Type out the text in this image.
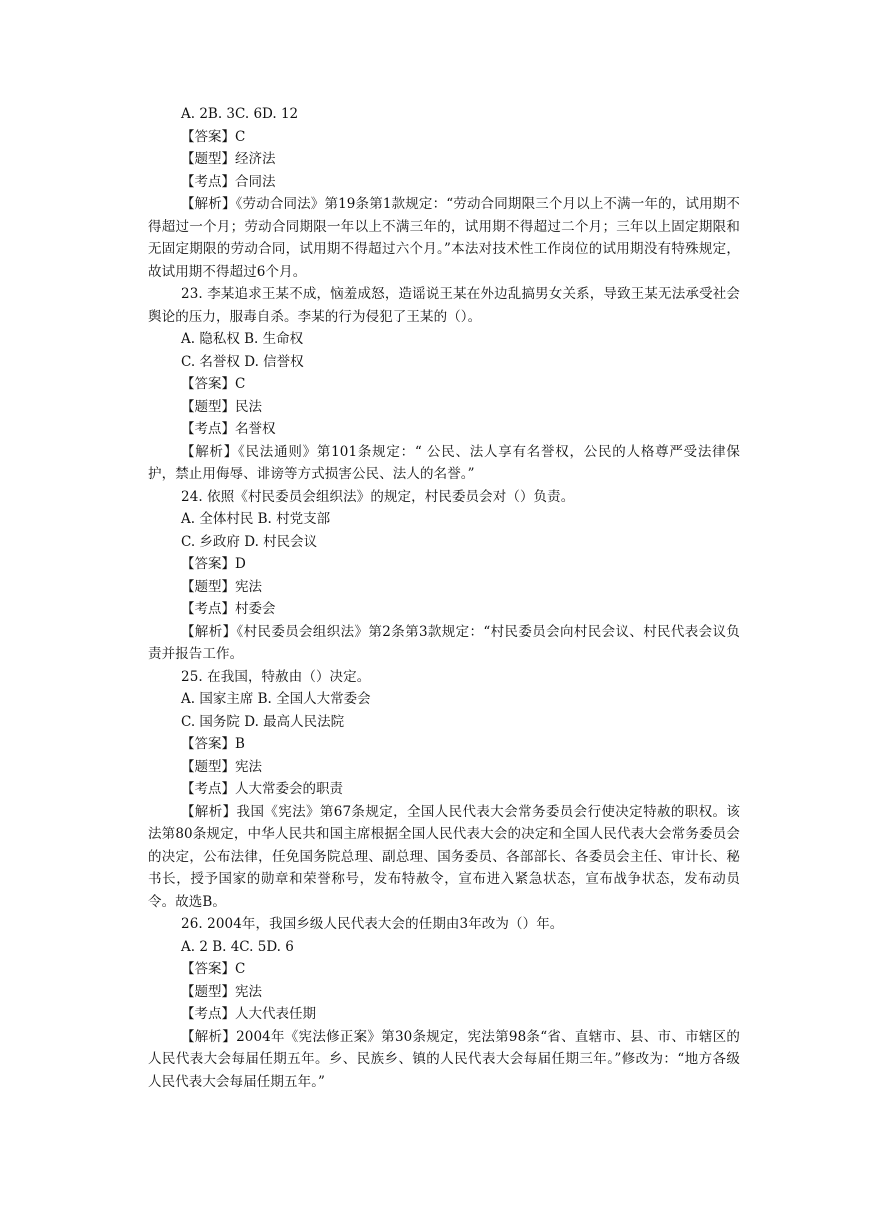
A. 2B. 3C. 6D. 12
【答案】C
【题型】经济法
【考点】合同法
【解析】《劳动合同法》第19条第1款规定：“劳动合同期限三个月以上不满一年的，试用期不得超过一个月；劳动合同期限一年以上不满三年的，试用期不得超过二个月；三年以上固定期限和无固定期限的劳动合同，试用期不得超过六个月。”本法对技术性工作岗位的试用期没有特殊规定，故试用期不得超过6个月。
23. 李某追求王某不成，恼羞成怒，造谣说王某在外边乱搞男女关系，导致王某无法承受社会舆论的压力，服毒自杀。李某的行为侵犯了王某的（）。
A. 隐私权 B. 生命权
C. 名誉权 D. 信誉权
【答案】C
【题型】民法
【考点】名誉权
【解析】《民法通则》第101条规定：“ 公民、法人享有名誉权，公民的人格尊严受法律保护，禁止用侮辱、诽谤等方式损害公民、法人的名誉。”
24. 依照《村民委员会组织法》的规定，村民委员会对（）负责。
A. 全体村民 B. 村党支部
C. 乡政府 D. 村民会议
【答案】D
【题型】宪法
【考点】村委会
【解析】《村民委员会组织法》第2条第3款规定：“村民委员会向村民会议、村民代表会议负责并报告工作。
25. 在我国，特赦由（）决定。
A. 国家主席 B. 全国人大常委会
C. 国务院 D. 最高人民法院
【答案】B
【题型】宪法
【考点】人大常委会的职责
【解析】我国《宪法》第67条规定，全国人民代表大会常务委员会行使决定特赦的职权。该法第80条规定，中华人民共和国主席根据全国人民代表大会的决定和全国人民代表大会常务委员会的决定，公布法律，任免国务院总理、副总理、国务委员、各部部长、各委员会主任、审计长、秘书长，授予国家的勋章和荣誉称号，发布特赦令，宣布进入紧急状态，宣布战争状态，发布动员令。故选B。
26. 2004年，我国乡级人民代表大会的任期由3年改为（）年。
A. 2 B. 4C. 5D. 6
【答案】C
【题型】宪法
【考点】人大代表任期
【解析】2004年《宪法修正案》第30条规定，宪法第98条“省、直辖市、县、市、市辖区的人民代表大会每届任期五年。乡、民族乡、镇的人民代表大会每届任期三年。”修改为：“地方各级人民代表大会每届任期五年。”
